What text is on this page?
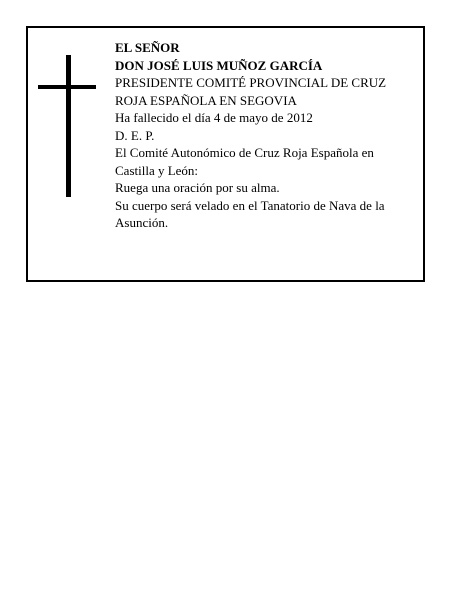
EL SEÑOR
DON JOSÉ LUIS MUÑOZ GARCÍA
PRESIDENTE COMITÉ PROVINCIAL DE CRUZ
ROJA ESPAÑOLA EN SEGOVIA
Ha fallecido el día 4 de mayo de 2012
D. E. P.
El Comité Autonómico de Cruz Roja Española en
Castilla y León:
Ruega una oración por su alma.
Su cuerpo será velado en el Tanatorio de Nava de la
Asunción.
